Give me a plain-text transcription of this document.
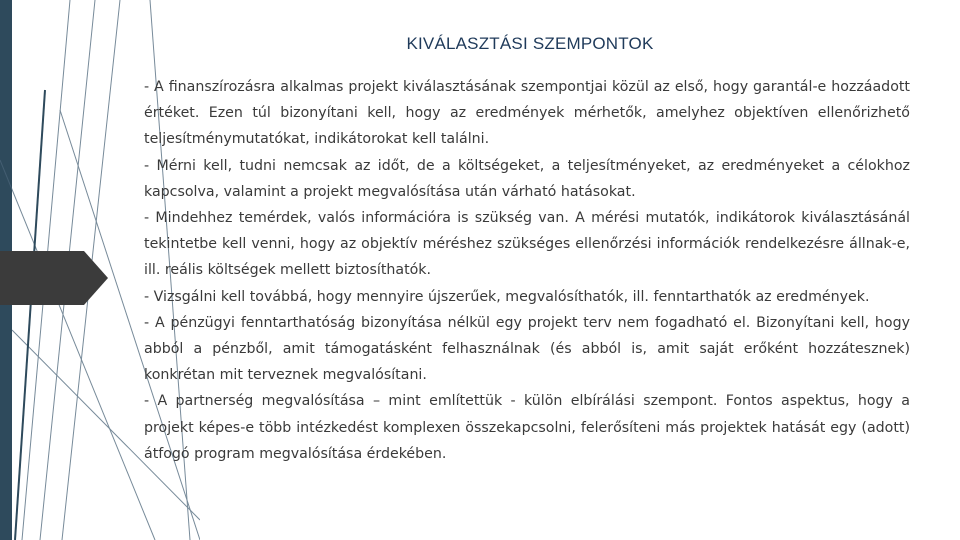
KIVÁLASZTÁSI SZEMPONTOK

- A finanszírozásra alkalmas projekt kiválasztásának szempontjai közül az első, hogy garantál-e hozzáadott értéket. Ezen túl bizonyítani kell, hogy az eredmények mérhetők, amelyhez objektíven ellenőrizhető teljesítménymutatókat, indikátorokat kell találni.

- Mérni kell, tudni nemcsak az időt, de a költségeket, a teljesítményeket, az eredményeket a célokhoz kapcsolva, valamint a projekt megvalósítása után várható hatásokat.

- Mindehhez temérdek, valós információra is szükség van. A mérési mutatók, indikátorok kiválasztásánál tekintetbe kell venni, hogy az objektív méréshez szükséges ellenőrzési információk rendelkezésre állnak-e, ill. reális költségek mellett biztosíthatók.

- Vizsgálni kell továbbá, hogy mennyire újszerűek, megvalósíthatók, ill. fenntarthatók az eredmények.

- A pénzügyi fenntarthatóság bizonyítása nélkül egy projekt terv nem fogadható el. Bizonyítani kell, hogy abból a pénzből, amit támogatásként felhasználnak (és abból is, amit saját erőként hozzátesznek) konkrétan mit terveznek megvalósítani.

- A partnerség megvalósítása – mint említettük - külön elbírálási szempont. Fontos aspektus, hogy a projekt képes-e több intézkedést komplexen összekapcsolni, felerősíteni más projektek hatását egy (adott) átfogó program megvalósítása érdekében.
